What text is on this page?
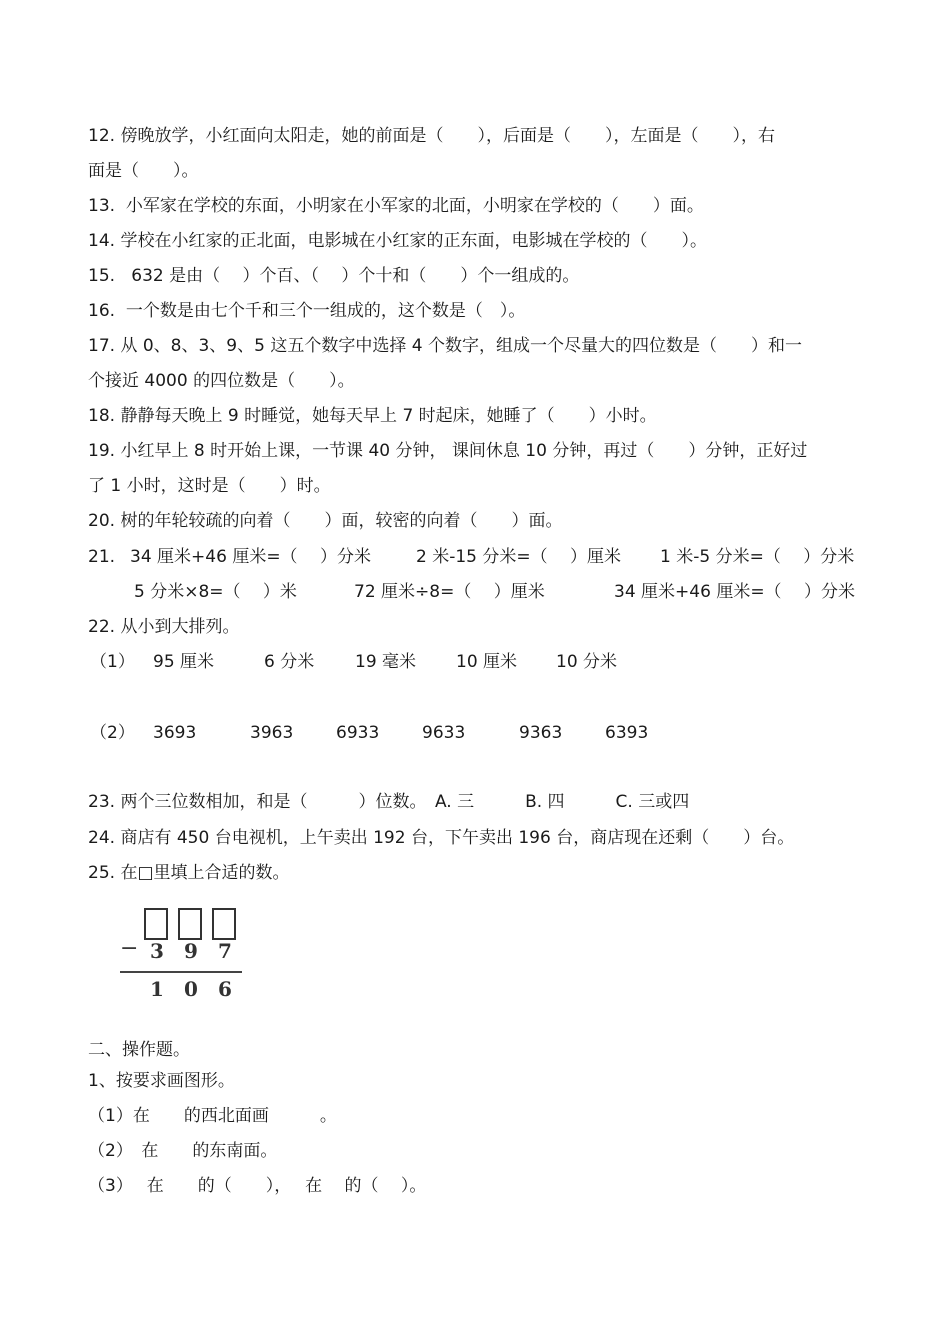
12. 傍晚放学，小红面向太阳走，她的前面是（　　），后面是（　　），左面是（　　），右
面是（　　）。
13.  小军家在学校的东面，小明家在小军家的北面，小明家在学校的（　　）面。
14. 学校在小红家的正北面，电影城在小红家的正东面，电影城在学校的（　　）。
15.   632 是由（　 ）个百、（　 ）个十和（　　）个一组成的。
16.  一个数是由七个千和三个一组成的，这个数是（　）。
17. 从 0、8、3、9、5 这五个数字中选择 4 个数字，组成一个尽量大的四位数是（　　）和一
个接近 4000 的四位数是（　　）。
18. 静静每天晚上 9 时睡觉，她每天早上 7 时起床，她睡了（　　）小时。
19. 小红早上 8 时开始上课，一节课 40 分钟， 课间休息 10 分钟，再过（　　）分钟，正好过
了 1 小时，这时是（　　）时。
20. 树的年轮较疏的向着（　　）面，较密的向着（　　）面。
21. 34 厘米+46 厘米=（　 ）分米	2 米-15 分米=（　 ）厘米 1 米-5 分米=（　 ）分米
5 分米×8=（　 ）米	72 厘米÷8=（　 ）厘米	34 厘米+46 厘米=（　 ）分米
22. 从小到大排列。
（1） 95 厘米	6 分米 19 毫米 10 厘米 10 分米
（2） 3693	3963	6933	9633	9363	6393
23. 两个三位数相加，和是（　　　）位数。　A. 三　　　B. 四　　　C. 三或四
24. 商店有 450 台电视机，上午卖出 192 台，下午卖出 196 台，商店现在还剩（　　）台。
25. 在□里填上合适的数。
− 3 9 7
1 0 6
二、操作题。
1、按要求画图形。
（1）在　　的西北面画　　　。
（2）　在　　的东南面。
（3）　 在　　的（　　），　 在　 的（　 ）。
